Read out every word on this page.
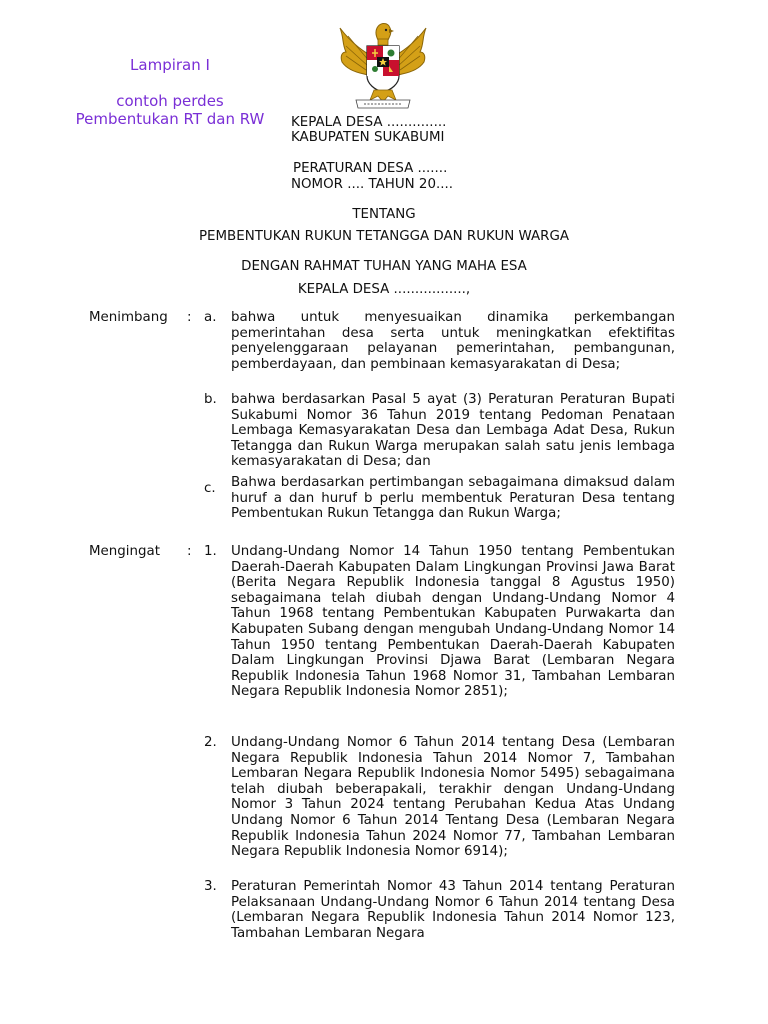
Lampiran I
contoh perdes Pembentukan RT dan RW	KEPALA DESA ..............
KABUPATEN SUKABUMI
PERATURAN DESA .......
NOMOR .... TAHUN 20....
TENTANG
PEMBENTUKAN RUKUN TETANGGA DAN RUKUN WARGA
DENGAN RAHMAT TUHAN YANG MAHA ESA
KEPALA DESA .................,
Menimbang : a. bahwa untuk menyesuaikan dinamika perkembangan pemerintahan desa serta untuk meningkatkan efektifitas penyelenggaraan pelayanan pemerintahan, pembangunan, pemberdayaan, dan pembinaan kemasyarakatan di Desa;
b. bahwa berdasarkan Pasal 5 ayat (3) Peraturan Peraturan Bupati Sukabumi Nomor 36 Tahun 2019 tentang Pedoman Penataan Lembaga Kemasyarakatan Desa dan Lembaga Adat Desa, Rukun Tetangga dan Rukun Warga merupakan salah satu jenis lembaga kemasyarakatan di Desa; dan
c. Bahwa berdasarkan pertimbangan sebagaimana dimaksud dalam huruf a dan huruf b perlu membentuk Peraturan Desa tentang Pembentukan Rukun Tetangga dan Rukun Warga;
Mengingat : 1. Undang-Undang Nomor 14 Tahun 1950 tentang Pembentukan Daerah-Daerah Kabupaten Dalam Lingkungan Provinsi Jawa Barat (Berita Negara Republik Indonesia tanggal 8 Agustus 1950) sebagaimana telah diubah dengan Undang-Undang Nomor 4 Tahun 1968 tentang Pembentukan Kabupaten Purwakarta dan Kabupaten Subang dengan mengubah Undang-Undang Nomor 14 Tahun 1950 tentang Pembentukan Daerah-Daerah Kabupaten Dalam Lingkungan Provinsi Djawa Barat (Lembaran Negara Republik Indonesia Tahun 1968 Nomor 31, Tambahan Lembaran Negara Republik Indonesia Nomor 2851);
2. Undang-Undang Nomor 6 Tahun 2014 tentang Desa (Lembaran Negara Republik Indonesia Tahun 2014 Nomor 7, Tambahan Lembaran Negara Republik Indonesia Nomor 5495) sebagaimana telah diubah beberapakali, terakhir dengan Undang-Undang Nomor 3 Tahun 2024 tentang Perubahan Kedua Atas Undang Undang Nomor 6 Tahun 2014 Tentang Desa (Lembaran Negara Republik Indonesia Tahun 2024 Nomor 77, Tambahan Lembaran Negara Republik Indonesia Nomor 6914);
3. Peraturan Pemerintah Nomor 43 Tahun 2014 tentang Peraturan Pelaksanaan Undang-Undang Nomor 6 Tahun 2014 tentang Desa (Lembaran Negara Republik Indonesia Tahun 2014 Nomor 123, Tambahan Lembaran Negara
